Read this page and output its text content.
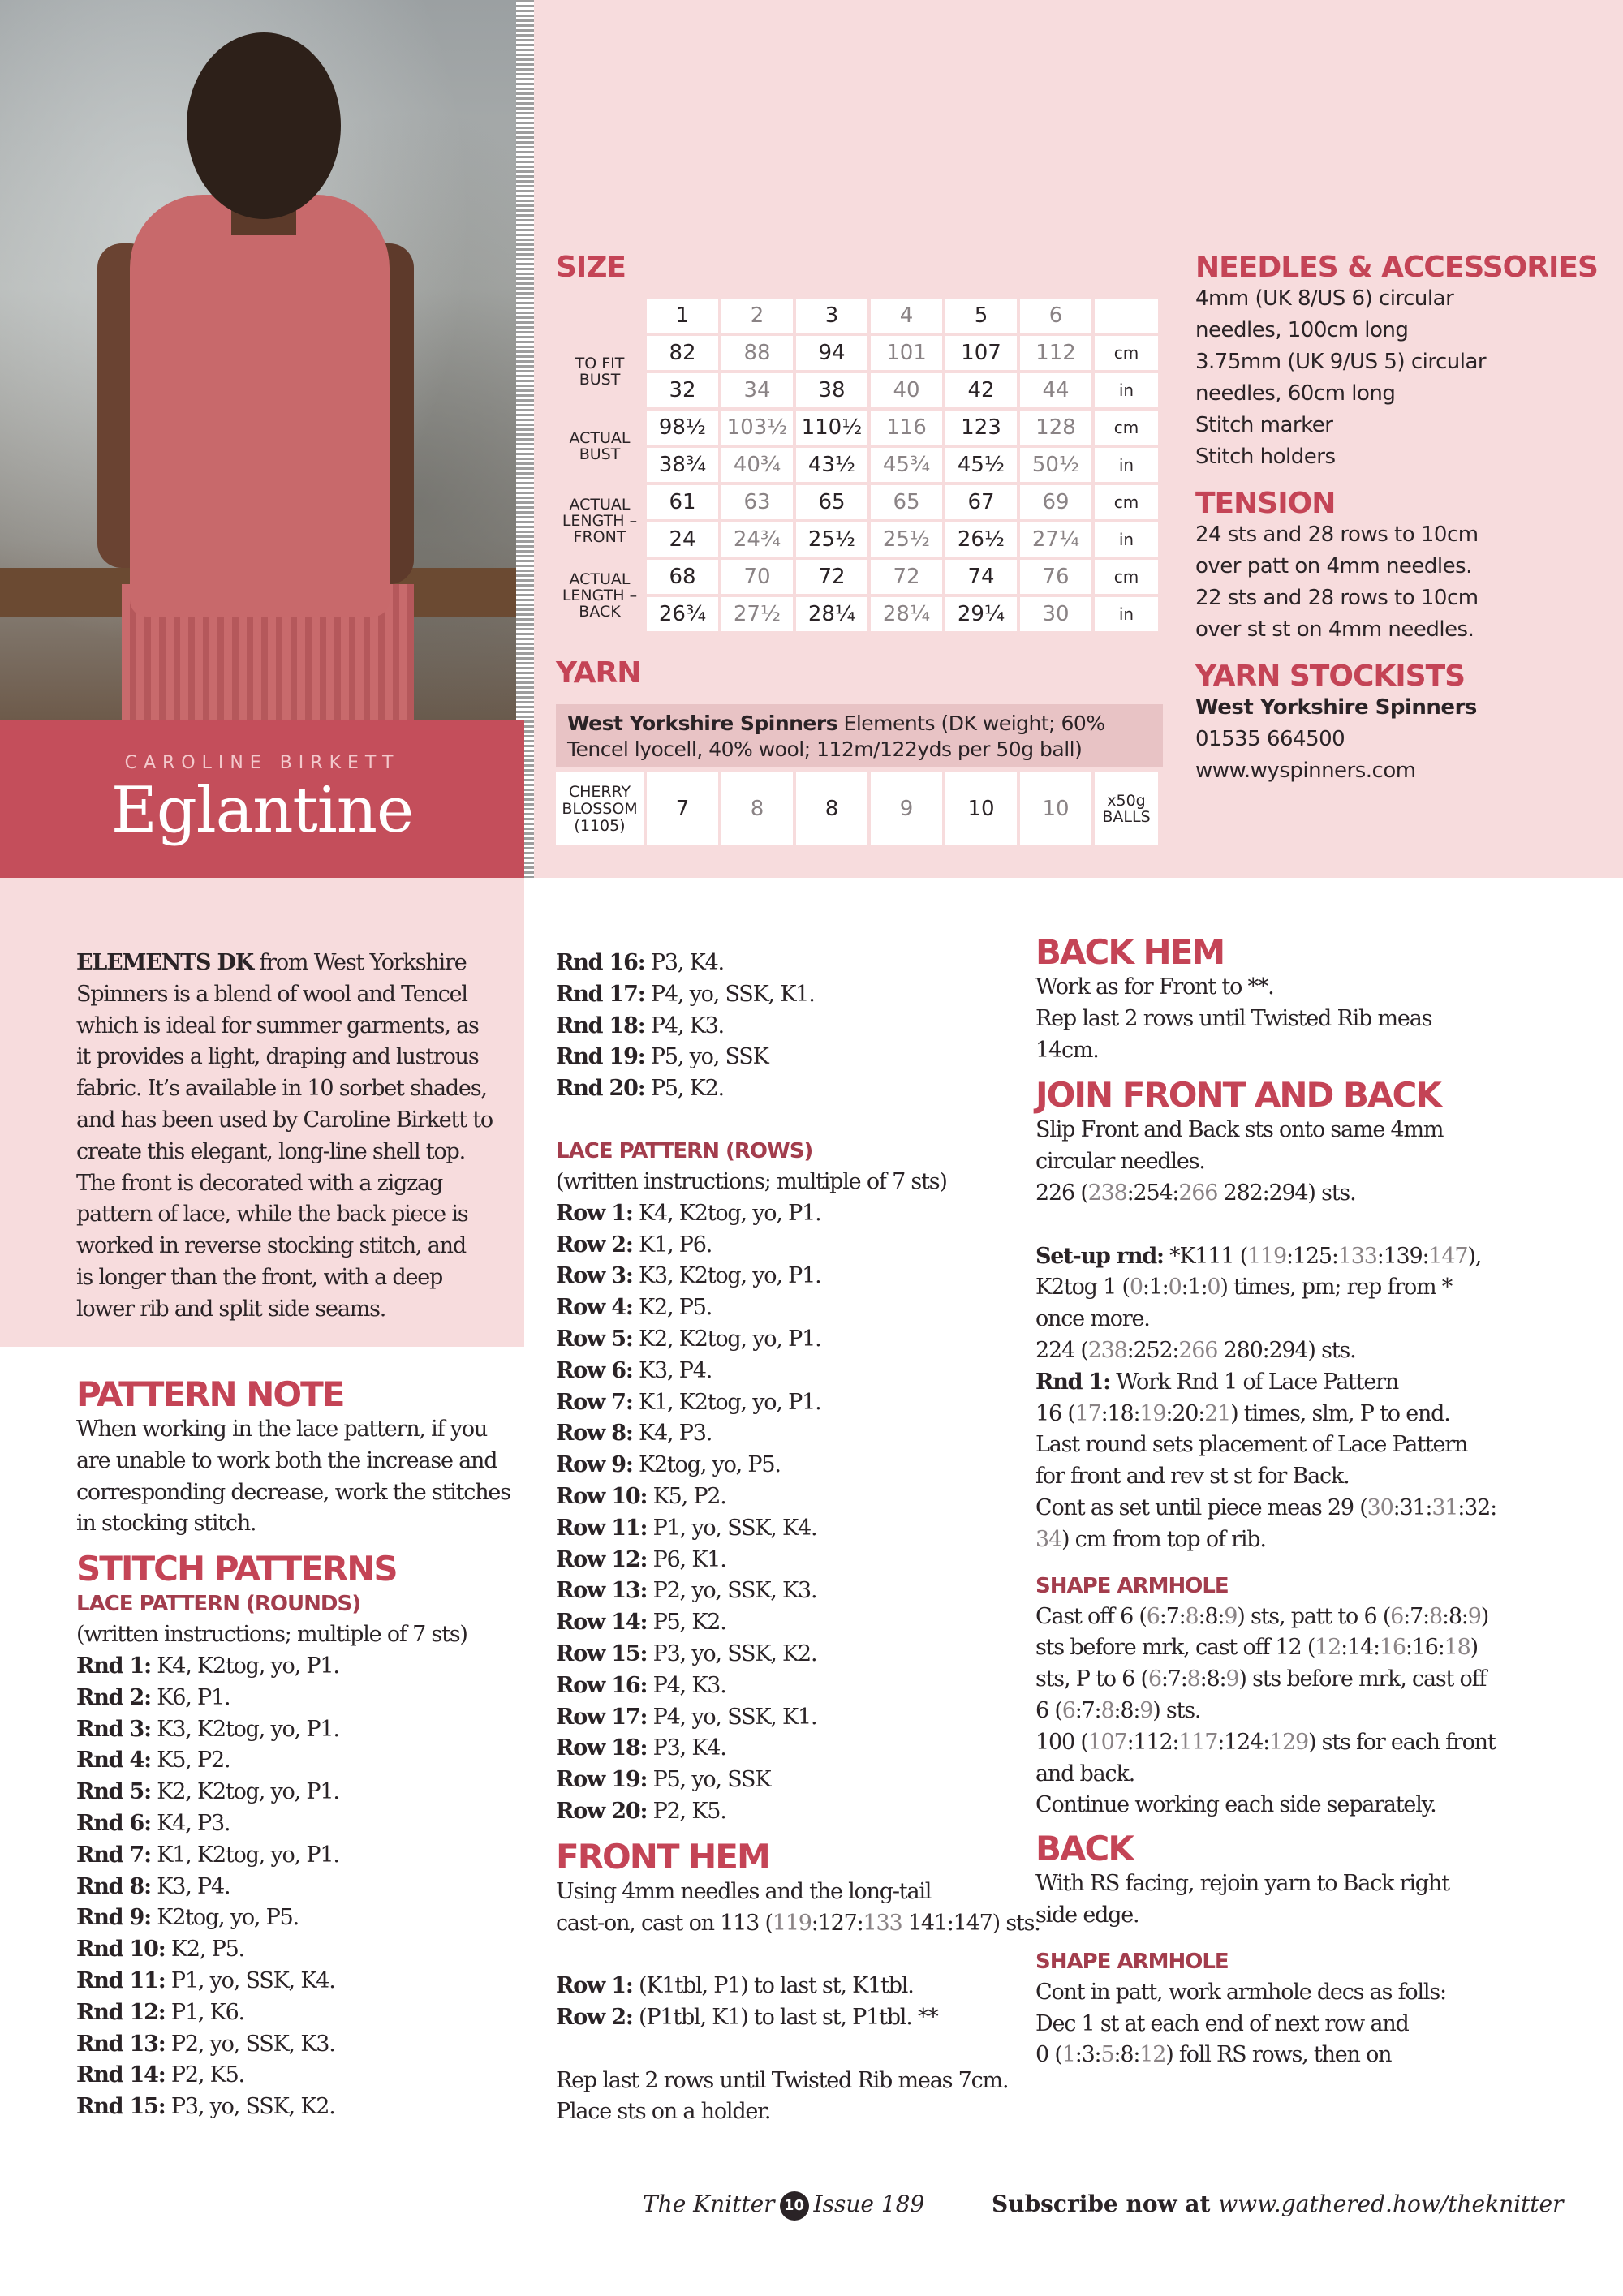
CAROLINE BIRKETT
Eglantine
SIZE
	1	2	3	4	5	6	
TO FIT BUST	82	88	94	101	107	112	cm
	32	34	38	40	42	44	in
ACTUAL BUST	98½	103½	110½	116	123	128	cm
	38¾	40¾	43½	45¾	45½	50½	in
ACTUAL LENGTH – FRONT	61	63	65	65	67	69	cm
	24	24¾	25½	25½	26½	27¼	in
ACTUAL LENGTH – BACK	68	70	72	72	74	76	cm
	26¾	27½	28¼	28¼	29¼	30	in
YARN
West Yorkshire Spinners Elements (DK weight; 60% Tencel lyocell, 40% wool; 112m/122yds per 50g ball)
CHERRY BLOSSOM (1105)
7	8	8	9	10	10	x50g BALLS
NEEDLES & ACCESSORIES
4mm (UK 8/US 6) circular
needles, 100cm long
3.75mm (UK 9/US 5) circular
needles, 60cm long
Stitch marker
Stitch holders
TENSION
24 sts and 28 rows to 10cm
over patt on 4mm needles.
22 sts and 28 rows to 10cm
over st st on 4mm needles.
YARN STOCKISTS
West Yorkshire Spinners
01535 664500
www.wyspinners.com
ELEMENTS DK from West Yorkshire
Spinners is a blend of wool and Tencel
which is ideal for summer garments, as
it provides a light, draping and lustrous
fabric. It’s available in 10 sorbet shades,
and has been used by Caroline Birkett to
create this elegant, long-line shell top.
The front is decorated with a zigzag
pattern of lace, while the back piece is
worked in reverse stocking stitch, and
is longer than the front, with a deep
lower rib and split side seams.
PATTERN NOTE
When working in the lace pattern, if you
are unable to work both the increase and
corresponding decrease, work the stitches
in stocking stitch.
STITCH PATTERNS
LACE PATTERN (ROUNDS)
(written instructions; multiple of 7 sts)
Rnd 1: K4, K2tog, yo, P1.
Rnd 2: K6, P1.
Rnd 3: K3, K2tog, yo, P1.
Rnd 4: K5, P2.
Rnd 5: K2, K2tog, yo, P1.
Rnd 6: K4, P3.
Rnd 7: K1, K2tog, yo, P1.
Rnd 8: K3, P4.
Rnd 9: K2tog, yo, P5.
Rnd 10: K2, P5.
Rnd 11: P1, yo, SSK, K4.
Rnd 12: P1, K6.
Rnd 13: P2, yo, SSK, K3.
Rnd 14: P2, K5.
Rnd 15: P3, yo, SSK, K2.
Rnd 16: P3, K4.
Rnd 17: P4, yo, SSK, K1.
Rnd 18: P4, K3.
Rnd 19: P5, yo, SSK
Rnd 20: P5, K2.
LACE PATTERN (ROWS)
(written instructions; multiple of 7 sts)
Row 1: K4, K2tog, yo, P1.
Row 2: K1, P6.
Row 3: K3, K2tog, yo, P1.
Row 4: K2, P5.
Row 5: K2, K2tog, yo, P1.
Row 6: K3, P4.
Row 7: K1, K2tog, yo, P1.
Row 8: K4, P3.
Row 9: K2tog, yo, P5.
Row 10: K5, P2.
Row 11: P1, yo, SSK, K4.
Row 12: P6, K1.
Row 13: P2, yo, SSK, K3.
Row 14: P5, K2.
Row 15: P3, yo, SSK, K2.
Row 16: P4, K3.
Row 17: P4, yo, SSK, K1.
Row 18: P3, K4.
Row 19: P5, yo, SSK
Row 20: P2, K5.
FRONT HEM
Using 4mm needles and the long-tail
cast-on, cast on 113 (119:127:133 141:147) sts.
Row 1: (K1tbl, P1) to last st, K1tbl.
Row 2: (P1tbl, K1) to last st, P1tbl. **
Rep last 2 rows until Twisted Rib meas 7cm.
Place sts on a holder.
BACK HEM
Work as for Front to **.
Rep last 2 rows until Twisted Rib meas
14cm.
JOIN FRONT AND BACK
Slip Front and Back sts onto same 4mm
circular needles.
226 (238:254:266 282:294) sts.
Set-up rnd: *K111 (119:125:133:139:147),
K2tog 1 (0:1:0:1:0) times, pm; rep from *
once more.
224 (238:252:266 280:294) sts.
Rnd 1: Work Rnd 1 of Lace Pattern
16 (17:18:19:20:21) times, slm, P to end.
Last round sets placement of Lace Pattern
for front and rev st st for Back.
Cont as set until piece meas 29 (30:31:31:32:
34) cm from top of rib.
SHAPE ARMHOLE
Cast off 6 (6:7:8:8:9) sts, patt to 6 (6:7:8:8:9)
sts before mrk, cast off 12 (12:14:16:16:18)
sts, P to 6 (6:7:8:8:9) sts before mrk, cast off
6 (6:7:8:8:9) sts.
100 (107:112:117:124:129) sts for each front
and back.
Continue working each side separately.
BACK
With RS facing, rejoin yarn to Back right
side edge.
SHAPE ARMHOLE
Cont in patt, work armhole decs as folls:
Dec 1 st at each end of next row and
0 (1:3:5:8:12) foll RS rows, then on
The Knitter 10 Issue 189	Subscribe now at www.gathered.how/theknitter
